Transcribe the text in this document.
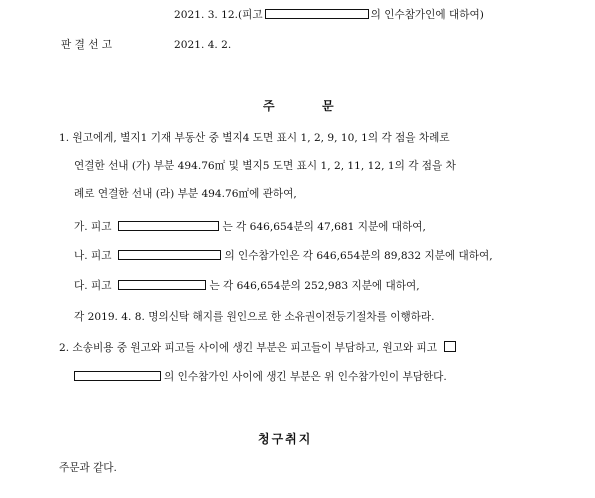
2021. 3. 12.(피고	의 인수참가인에 대하여)
판 결 선 고	2021. 4. 2.
주	문
1. 원고에게, 별지1 기재 부동산 중 별지4 도면 표시 1, 2, 9, 10, 1의 각 점을 차례로
연결한 선내 (가) 부분 494.76㎡ 및 별지5 도면 표시 1, 2, 11, 12, 1의 각 점을 차
례로 연결한 선내 (라) 부분 494.76㎡에 관하여,
가. 피고	는 각 646,654분의 47,681 지분에 대하여,
나. 피고	의 인수참가인은 각 646,654분의 89,832 지분에 대하여,
다. 피고	는 각 646,654분의 252,983 지분에 대하여,
각 2019. 4. 8. 명의신탁 해지를 원인으로 한 소유권이전등기절차를 이행하라.
2. 소송비용 중 원고와 피고들 사이에 생긴 부분은 피고들이 부담하고, 원고와 피고
의 인수참가인 사이에 생긴 부분은 위 인수참가인이 부담한다.
청구취지
주문과 같다.
